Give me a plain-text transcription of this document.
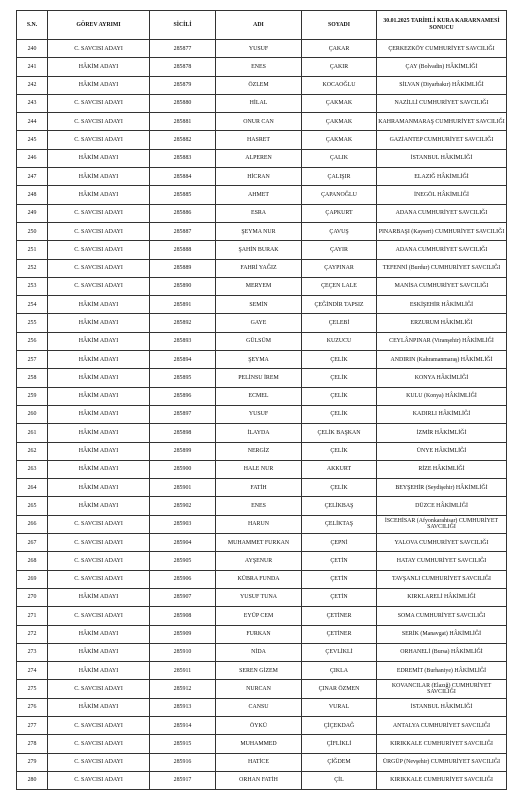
S.N.	GÖREV AYRIMI	SİCİLİ	ADI	SOYADI	30.01.2025 TARİHLİ KURA KARARNAMESİ SONUCU
240	C. SAVCISI ADAYI	285877	YUSUF	ÇAKAR	ÇERKEZKÖY CUMHURİYET SAVCILIĞI
241	HÂKİM ADAYI	285878	ENES	ÇAKIR	ÇAY (Bolvadin) HÂKİMLİĞİ
242	HÂKİM ADAYI	285879	ÖZLEM	KOCAOĞLU	SİLVAN (Diyarbakır) HÂKİMLİĞİ
243	C. SAVCISI ADAYI	285880	HİLAL	ÇAKMAK	NAZİLLİ CUMHURİYET SAVCILIĞI
244	C. SAVCISI ADAYI	285881	ONUR CAN	ÇAKMAK	KAHRAMANMARAŞ CUMHURİYET SAVCILIĞI
245	C. SAVCISI ADAYI	285882	HASRET	ÇAKMAK	GAZİANTEP CUMHURİYET SAVCILIĞI
246	HÂKİM ADAYI	285883	ALPEREN	ÇALIK	İSTANBUL HÂKİMLİĞİ
247	HÂKİM ADAYI	285884	HİCRAN	ÇALIŞIR	ELAZIĞ HÂKİMLİĞİ
248	HÂKİM ADAYI	285885	AHMET	ÇAPANOĞLU	İNEGÖL HÂKİMLİĞİ
249	C. SAVCISI ADAYI	285886	ESRA	ÇAPKURT	ADANA CUMHURİYET SAVCILIĞI
250	C. SAVCISI ADAYI	285887	ŞEYMA NUR	ÇAVUŞ	PINARBAŞI (Kayseri) CUMHURİYET SAVCILIĞI
251	C. SAVCISI ADAYI	285888	ŞAHİN BURAK	ÇAYIR	ADANA CUMHURİYET SAVCILIĞI
252	C. SAVCISI ADAYI	285889	FAHRİ YAĞIZ	ÇAYPINAR	TEFENNİ (Burdur) CUMHURİYET SAVCILIĞI
253	C. SAVCISI ADAYI	285890	MERYEM	ÇEÇEN LALE	MANİSA CUMHURİYET SAVCILIĞI
254	HÂKİM ADAYI	285891	SEMİN	ÇEĞİNDİR TAPSIZ	ESKİŞEHİR HÂKİMLİĞİ
255	HÂKİM ADAYI	285892	GAYE	ÇELEBİ	ERZURUM HÂKİMLİĞİ
256	HÂKİM ADAYI	285893	GÜLSÜM	KUZUCU	CEYLÂNPINAR (Viranşehir) HÂKİMLİĞİ
257	HÂKİM ADAYI	285894	ŞEYMA	ÇELİK	ANDIRIN (Kahramanmaraş) HÂKİMLİĞİ
258	HÂKİM ADAYI	285895	PELİNSU İREM	ÇELİK	KONYA HÂKİMLİĞİ
259	HÂKİM ADAYI	285896	ECMEL	ÇELİK	KULU (Konya) HÂKİMLİĞİ
260	HÂKİM ADAYI	285897	YUSUF	ÇELİK	KADIRLI HÂKİMLİĞİ
261	HÂKİM ADAYI	285898	İLAYDA	ÇELİK BAŞKAN	İZMİR HÂKİMLİĞİ
262	HÂKİM ADAYI	285899	NERGİZ	ÇELİK	ÜNYE HÂKİMLİĞİ
263	HÂKİM ADAYI	285900	HALE NUR	AKKURT	RİZE HÂKİMLİĞİ
264	HÂKİM ADAYI	285901	FATİH	ÇELİK	BEYŞEHİR (Seydişehir) HÂKİMLİĞİ
265	HÂKİM ADAYI	285902	ENES	ÇELİKBAŞ	DÜZCE HÂKİMLİĞİ
266	C. SAVCISI ADAYI	285903	HARUN	ÇELİKTAŞ	İSCEHİSAR (Afyonkarahisar) CUMHURİYET SAVCILIĞI
267	C. SAVCISI ADAYI	285904	MUHAMMET FURKAN	ÇEPNİ	YALOVA CUMHURİYET SAVCILIĞI
268	C. SAVCISI ADAYI	285905	AYŞENUR	ÇETİN	HATAY CUMHURİYET SAVCILIĞI
269	C. SAVCISI ADAYI	285906	KÜBRA FUNDA	ÇETİN	TAVŞANLI CUMHURİYET SAVCILIĞI
270	HÂKİM ADAYI	285907	YUSUF TUNA	ÇETİN	KIRKLARELİ HÂKİMLİĞİ
271	C. SAVCISI ADAYI	285908	EYÜP CEM	ÇETİNER	SOMA CUMHURİYET SAVCILIĞI
272	HÂKİM ADAYI	285909	FURKAN	ÇETİNER	SERİK (Manavgat) HÂKİMLİĞİ
273	HÂKİM ADAYI	285910	NİDA	ÇEVLİKLİ	ORHANELİ (Bursa) HÂKİMLİĞİ
274	HÂKİM ADAYI	285911	SEREN GİZEM	ÇIKLA	EDREMİT (Burhaniye) HÂKİMLİĞİ
275	C. SAVCISI ADAYI	285912	NURCAN	ÇINAR ÖZMEN	KOVANCILAR (Elazığ) CUMHURİYET SAVCILIĞI
276	HÂKİM ADAYI	285913	CANSU	VURAL	İSTANBUL HÂKİMLİĞİ
277	C. SAVCISI ADAYI	285914	ÖYKÜ	ÇİÇEKDAĞ	ANTALYA CUMHURİYET SAVCILIĞI
278	C. SAVCISI ADAYI	285915	MUHAMMED	ÇİFLİKLİ	KIRIKKALE CUMHURİYET SAVCILIĞI
279	C. SAVCISI ADAYI	285916	HATİCE	ÇİĞDEM	ÜRGÜP (Nevşehir) CUMHURİYET SAVCILIĞI
280	C. SAVCISI ADAYI	285917	ORHAN FATİH	ÇİL	KIRIKKALE CUMHURİYET SAVCILIĞI
